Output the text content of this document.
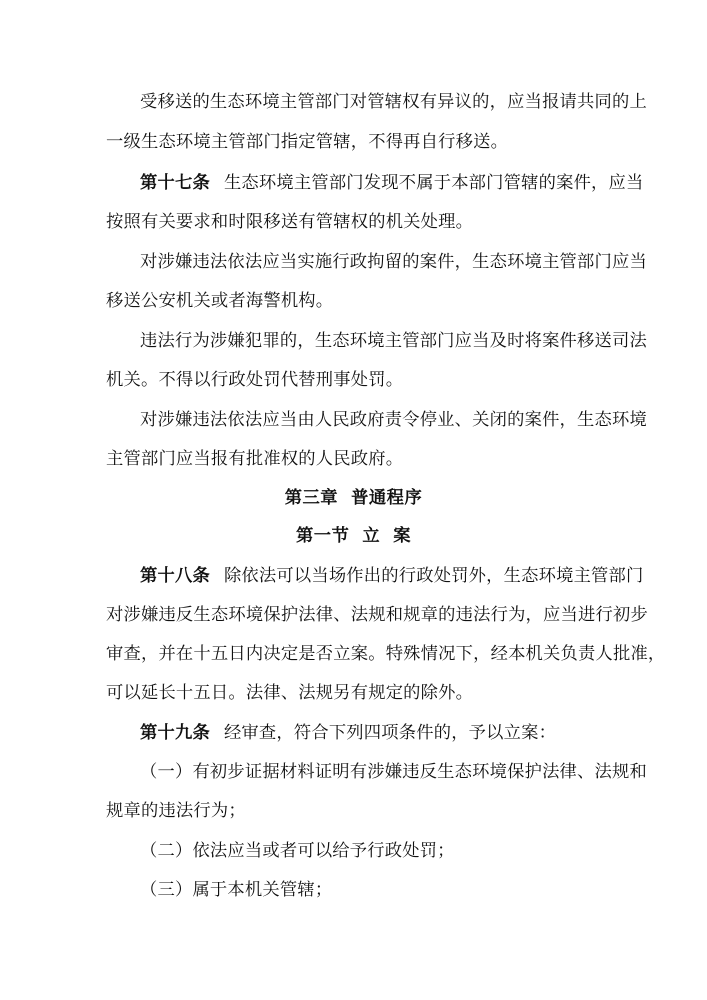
受移送的生态环境主管部门对管辖权有异议的，应当报请共同的上
一级生态环境主管部门指定管辖，不得再自行移送。
第十七条 生态环境主管部门发现不属于本部门管辖的案件，应当
按照有关要求和时限移送有管辖权的机关处理。
对涉嫌违法依法应当实施行政拘留的案件，生态环境主管部门应当
移送公安机关或者海警机构。
违法行为涉嫌犯罪的，生态环境主管部门应当及时将案件移送司法
机关。不得以行政处罚代替刑事处罚。
对涉嫌违法依法应当由人民政府责令停业、关闭的案件，生态环境
主管部门应当报有批准权的人民政府。
第三章  普通程序
第一节  立  案
第十八条 除依法可以当场作出的行政处罚外，生态环境主管部门
对涉嫌违反生态环境保护法律、法规和规章的违法行为，应当进行初步
审查，并在十五日内决定是否立案。特殊情况下，经本机关负责人批准，
可以延长十五日。法律、法规另有规定的除外。
第十九条 经审查，符合下列四项条件的，予以立案：
（一）有初步证据材料证明有涉嫌违反生态环境保护法律、法规和
规章的违法行为；
（二）依法应当或者可以给予行政处罚；
（三）属于本机关管辖；
